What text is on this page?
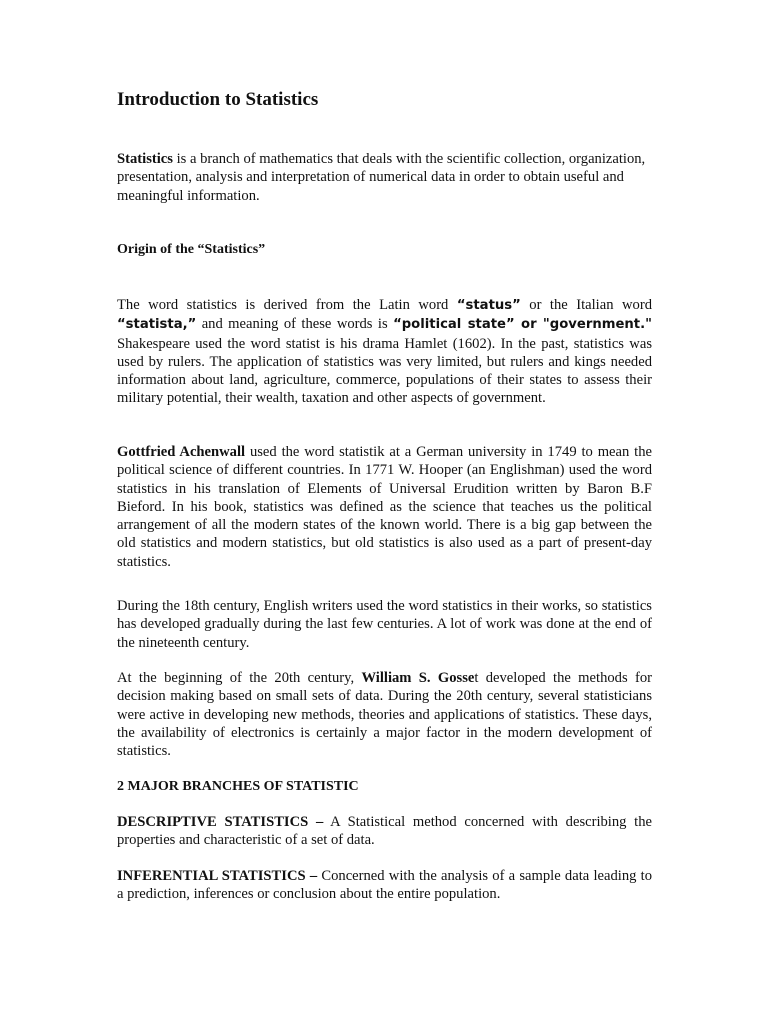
Introduction to Statistics

Statistics is a branch of mathematics that deals with the scientific collection, organization, presentation, analysis and interpretation of numerical data in order to obtain useful and meaningful information.

Origin of the “Statistics”

The word statistics is derived from the Latin word “status” or the Italian word “statista,” and meaning of these words is “political state” or "government." Shakespeare used the word statist is his drama Hamlet (1602). In the past, statistics was used by rulers. The application of statistics was very limited, but rulers and kings needed information about land, agriculture, commerce, populations of their states to assess their military potential, their wealth, taxation and other aspects of government.

Gottfried Achenwall used the word statistik at a German university in 1749 to mean the political science of different countries. In 1771 W. Hooper (an Englishman) used the word statistics in his translation of Elements of Universal Erudition written by Baron B.F Bieford. In his book, statistics was defined as the science that teaches us the political arrangement of all the modern states of the known world. There is a big gap between the old statistics and modern statistics, but old statistics is also used as a part of present-day statistics.

During the 18th century, English writers used the word statistics in their works, so statistics has developed gradually during the last few centuries. A lot of work was done at the end of the nineteenth century.

At the beginning of the 20th century, William S. Gosset developed the methods for decision making based on small sets of data. During the 20th century, several statisticians were active in developing new methods, theories and applications of statistics. These days, the availability of electronics is certainly a major factor in the modern development of statistics.

2 MAJOR BRANCHES OF STATISTIC

DESCRIPTIVE STATISTICS – A Statistical method concerned with describing the properties and characteristic of a set of data.

INFERENTIAL STATISTICS – Concerned with the analysis of a sample data leading to a prediction, inferences or conclusion about the entire population.
